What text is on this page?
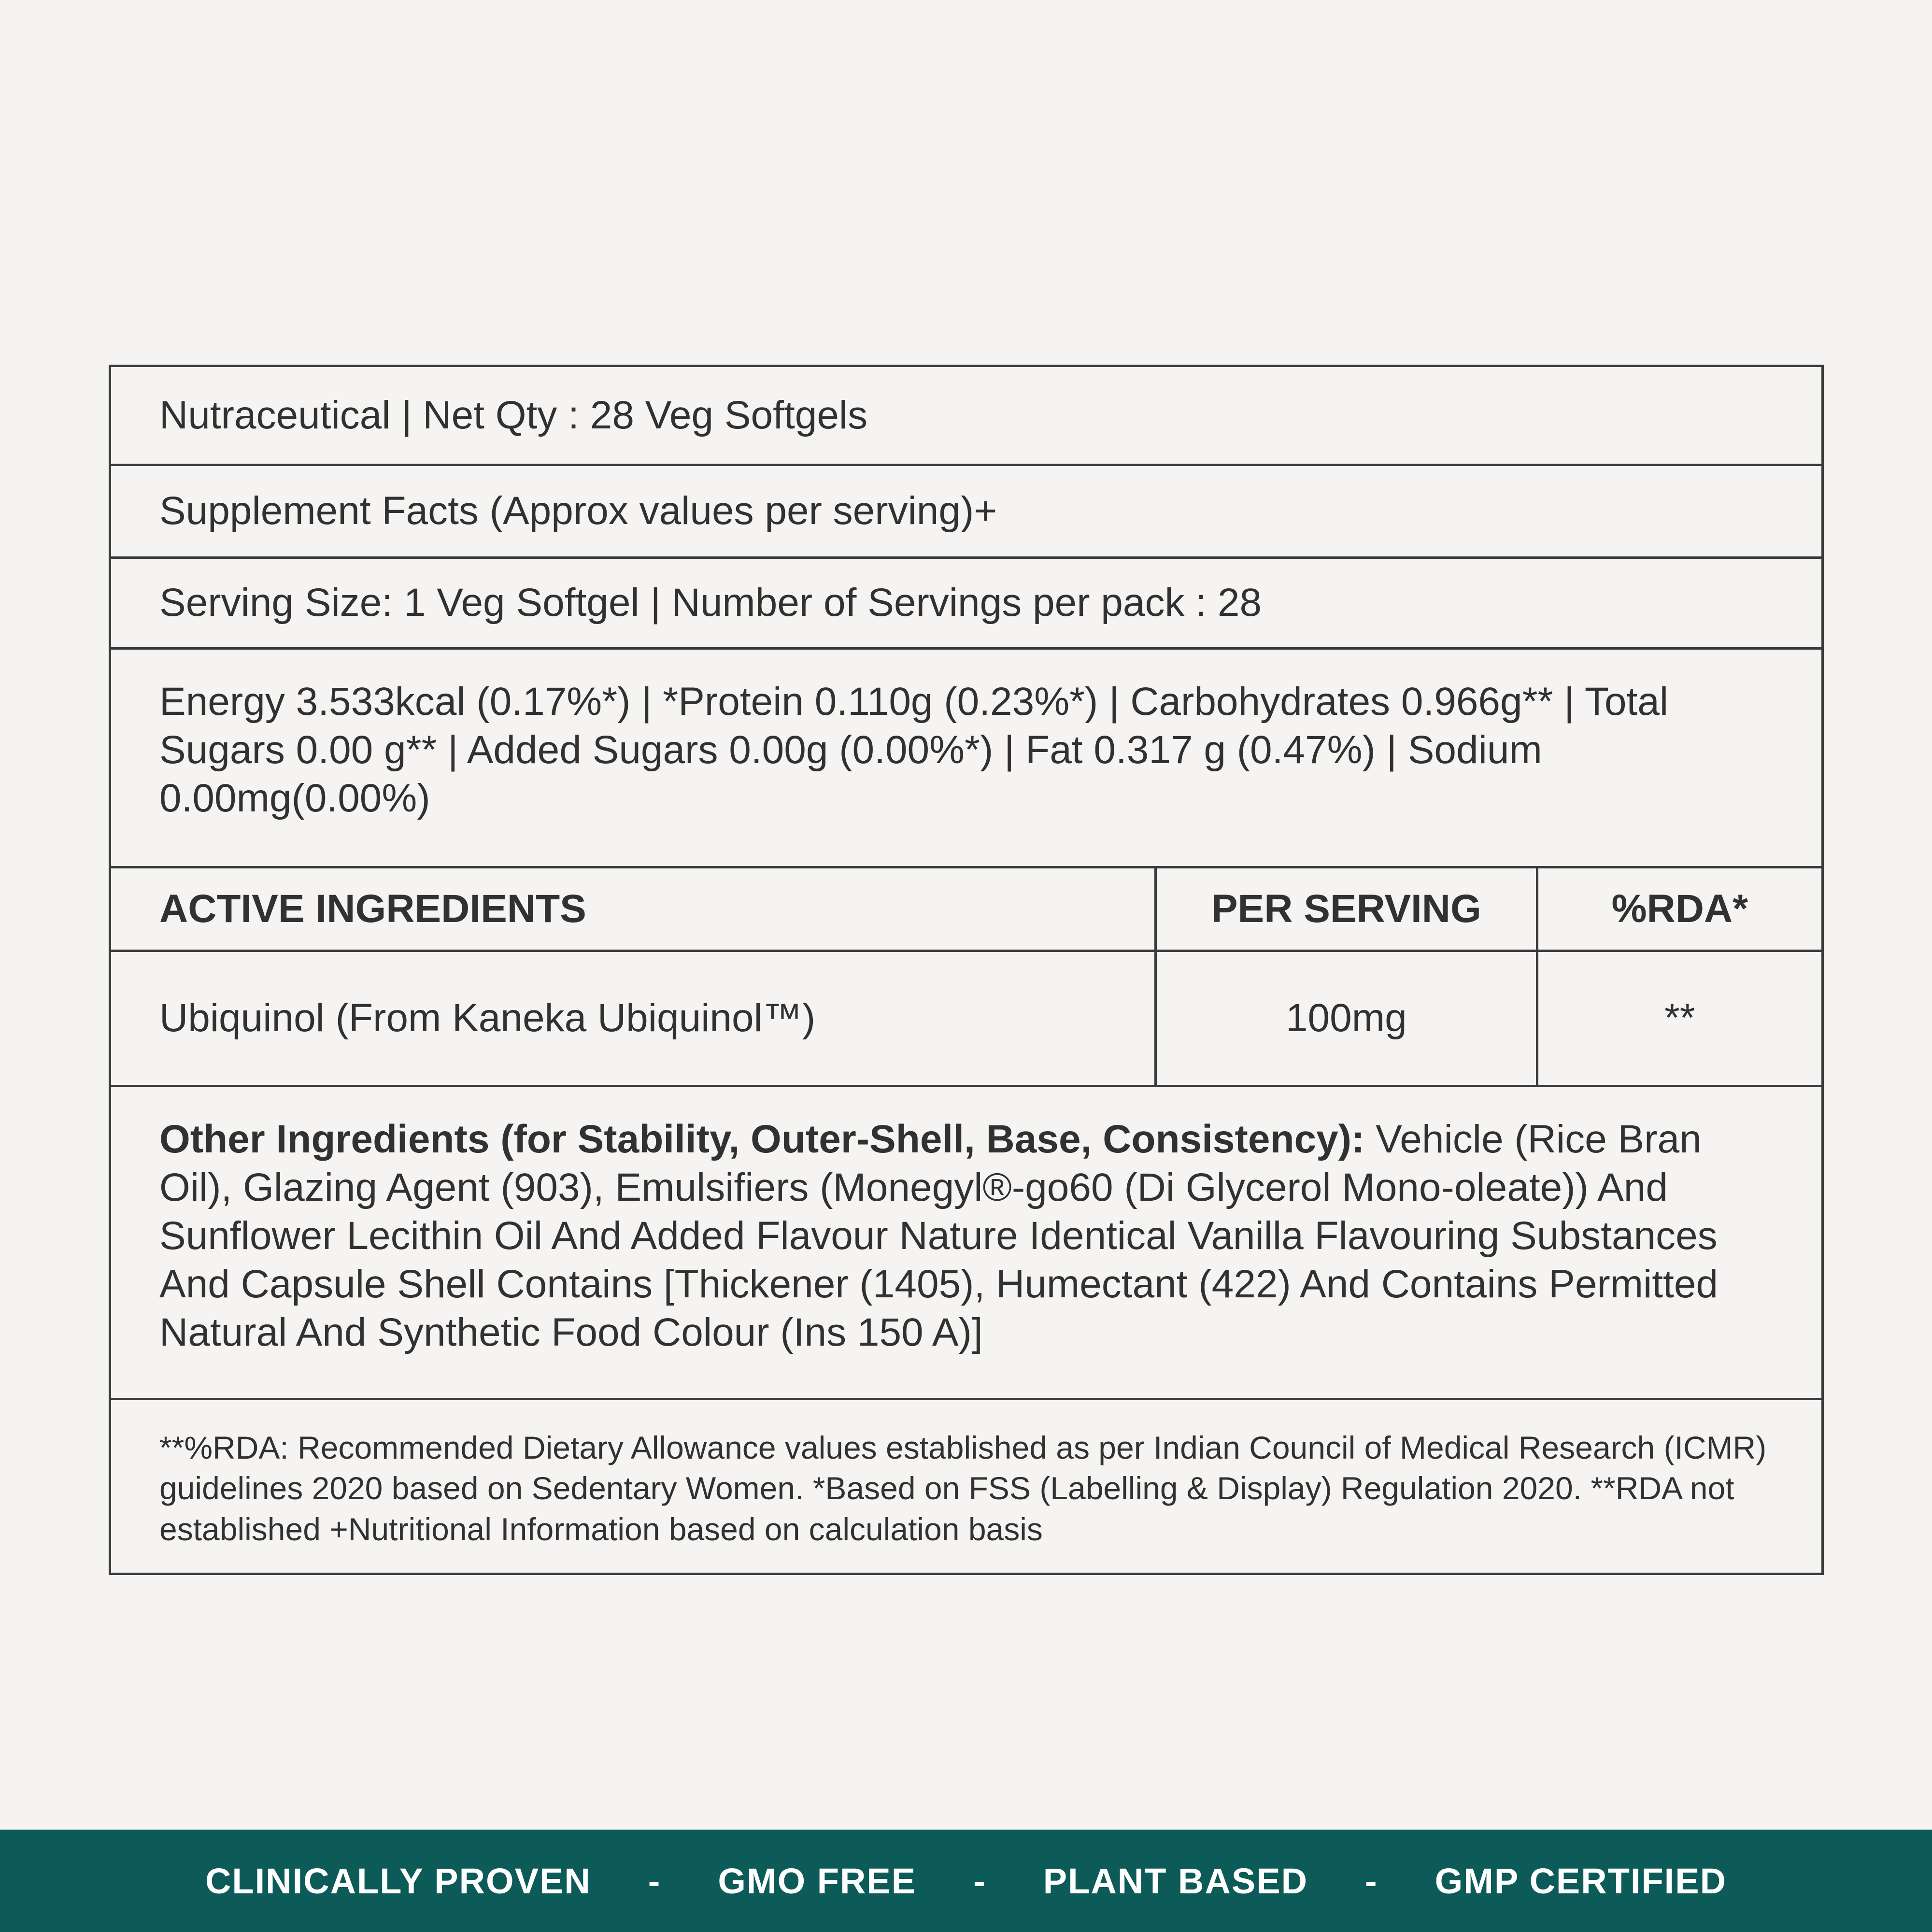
Nutraceutical | Net Qty : 28 Veg Softgels
Supplement Facts (Approx values per serving)+
Serving Size: 1 Veg Softgel | Number of Servings per pack : 28
Energy 3.533kcal (0.17%*) | *Protein 0.110g (0.23%*) | Carbohydrates 0.966g** | Total Sugars 0.00 g** | Added Sugars 0.00g (0.00%*) | Fat 0.317 g (0.47%) | Sodium 0.00mg(0.00%)
ACTIVE INGREDIENTS	PER SERVING	%RDA*
Ubiquinol (From Kaneka Ubiquinol™)	100mg	**
Other Ingredients (for Stability, Outer-Shell, Base, Consistency): Vehicle (Rice Bran Oil), Glazing Agent (903), Emulsifiers (Monegyl®-go60 (Di Glycerol Mono-oleate)) And Sunflower Lecithin Oil And Added Flavour Nature Identical Vanilla Flavouring Substances And Capsule Shell Contains [Thickener (1405), Humectant (422) And Contains Permitted Natural And Synthetic Food Colour (Ins 150 A)]
**%RDA: Recommended Dietary Allowance values established as per Indian Council of Medical Research (ICMR) guidelines 2020 based on Sedentary Women. *Based on FSS (Labelling & Display) Regulation 2020. **RDA not established +Nutritional Information based on calculation basis
CLINICALLY PROVEN - GMO FREE - PLANT BASED - GMP CERTIFIED
